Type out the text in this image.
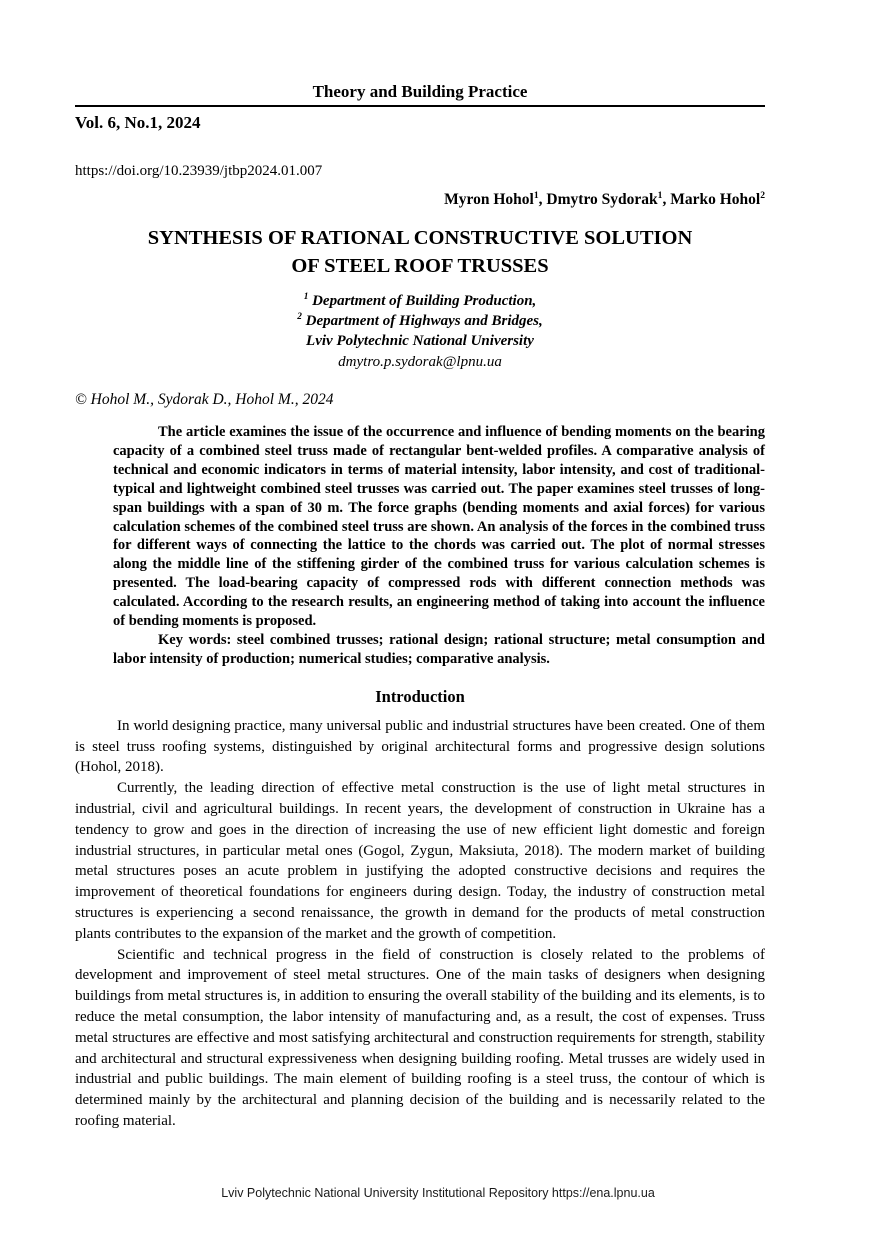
Theory and Building Practice
Vol. 6, No.1, 2024
https://doi.org/10.23939/jtbp2024.01.007
Myron Hohol$^1$, Dmytro Sydorak$^1$, Marko Hohol$^2$
SYNTHESIS OF RATIONAL CONSTRUCTIVE SOLUTION
OF STEEL ROOF TRUSSES
$^1$ Department of Building Production,
$^2$ Department of Highways and Bridges,
Lviv Polytechnic National University
dmytro.p.sydorak@lpnu.ua
© Hohol M., Sydorak D., Hohol M., 2024

The article examines the issue of the occurrence and influence of bending moments on the bearing capacity of a combined steel truss made of rectangular bent-welded profiles. A comparative analysis of technical and economic indicators in terms of material intensity, labor intensity, and cost of traditional-typical and lightweight combined steel trusses was carried out. The paper examines steel trusses of long-span buildings with a span of 30 m. The force graphs (bending moments and axial forces) for various calculation schemes of the combined steel truss are shown. An analysis of the forces in the combined truss for different ways of connecting the lattice to the chords was carried out. The plot of normal stresses along the middle line of the stiffening girder of the combined truss for various calculation schemes is presented. The load-bearing capacity of compressed rods with different connection methods was calculated. According to the research results, an engineering method of taking into account the influence of bending moments is proposed.

Key words: steel combined trusses; rational design; rational structure; metal consumption and labor intensity of production; numerical studies; comparative analysis.

Introduction

In world designing practice, many universal public and industrial structures have been created. One of them is steel truss roofing systems, distinguished by original architectural forms and progressive design solutions (Hohol, 2018).

Currently, the leading direction of effective metal construction is the use of light metal structures in industrial, civil and agricultural buildings. In recent years, the development of construction in Ukraine has a tendency to grow and goes in the direction of increasing the use of new efficient light domestic and foreign industrial structures, in particular metal ones (Gogol, Zygun, Maksiuta, 2018). The modern market of building metal structures poses an acute problem in justifying the adopted constructive decisions and requires the improvement of theoretical foundations for engineers during design. Today, the industry of construction metal structures is experiencing a second renaissance, the growth in demand for the products of metal construction plants contributes to the expansion of the market and the growth of competition.

Scientific and technical progress in the field of construction is closely related to the problems of development and improvement of steel metal structures. One of the main tasks of designers when designing buildings from metal structures is, in addition to ensuring the overall stability of the building and its elements, is to reduce the metal consumption, the labor intensity of manufacturing and, as a result, the cost of expenses. Truss metal structures are effective and most satisfying architectural and construction requirements for strength, stability and architectural and structural expressiveness when designing building roofing. Metal trusses are widely used in industrial and public buildings. The main element of building roofing is a steel truss, the contour of which is determined mainly by the architectural and planning decision of the building and is necessarily related to the roofing material.

Lviv Polytechnic National University Institutional Repository https://ena.lpnu.ua
